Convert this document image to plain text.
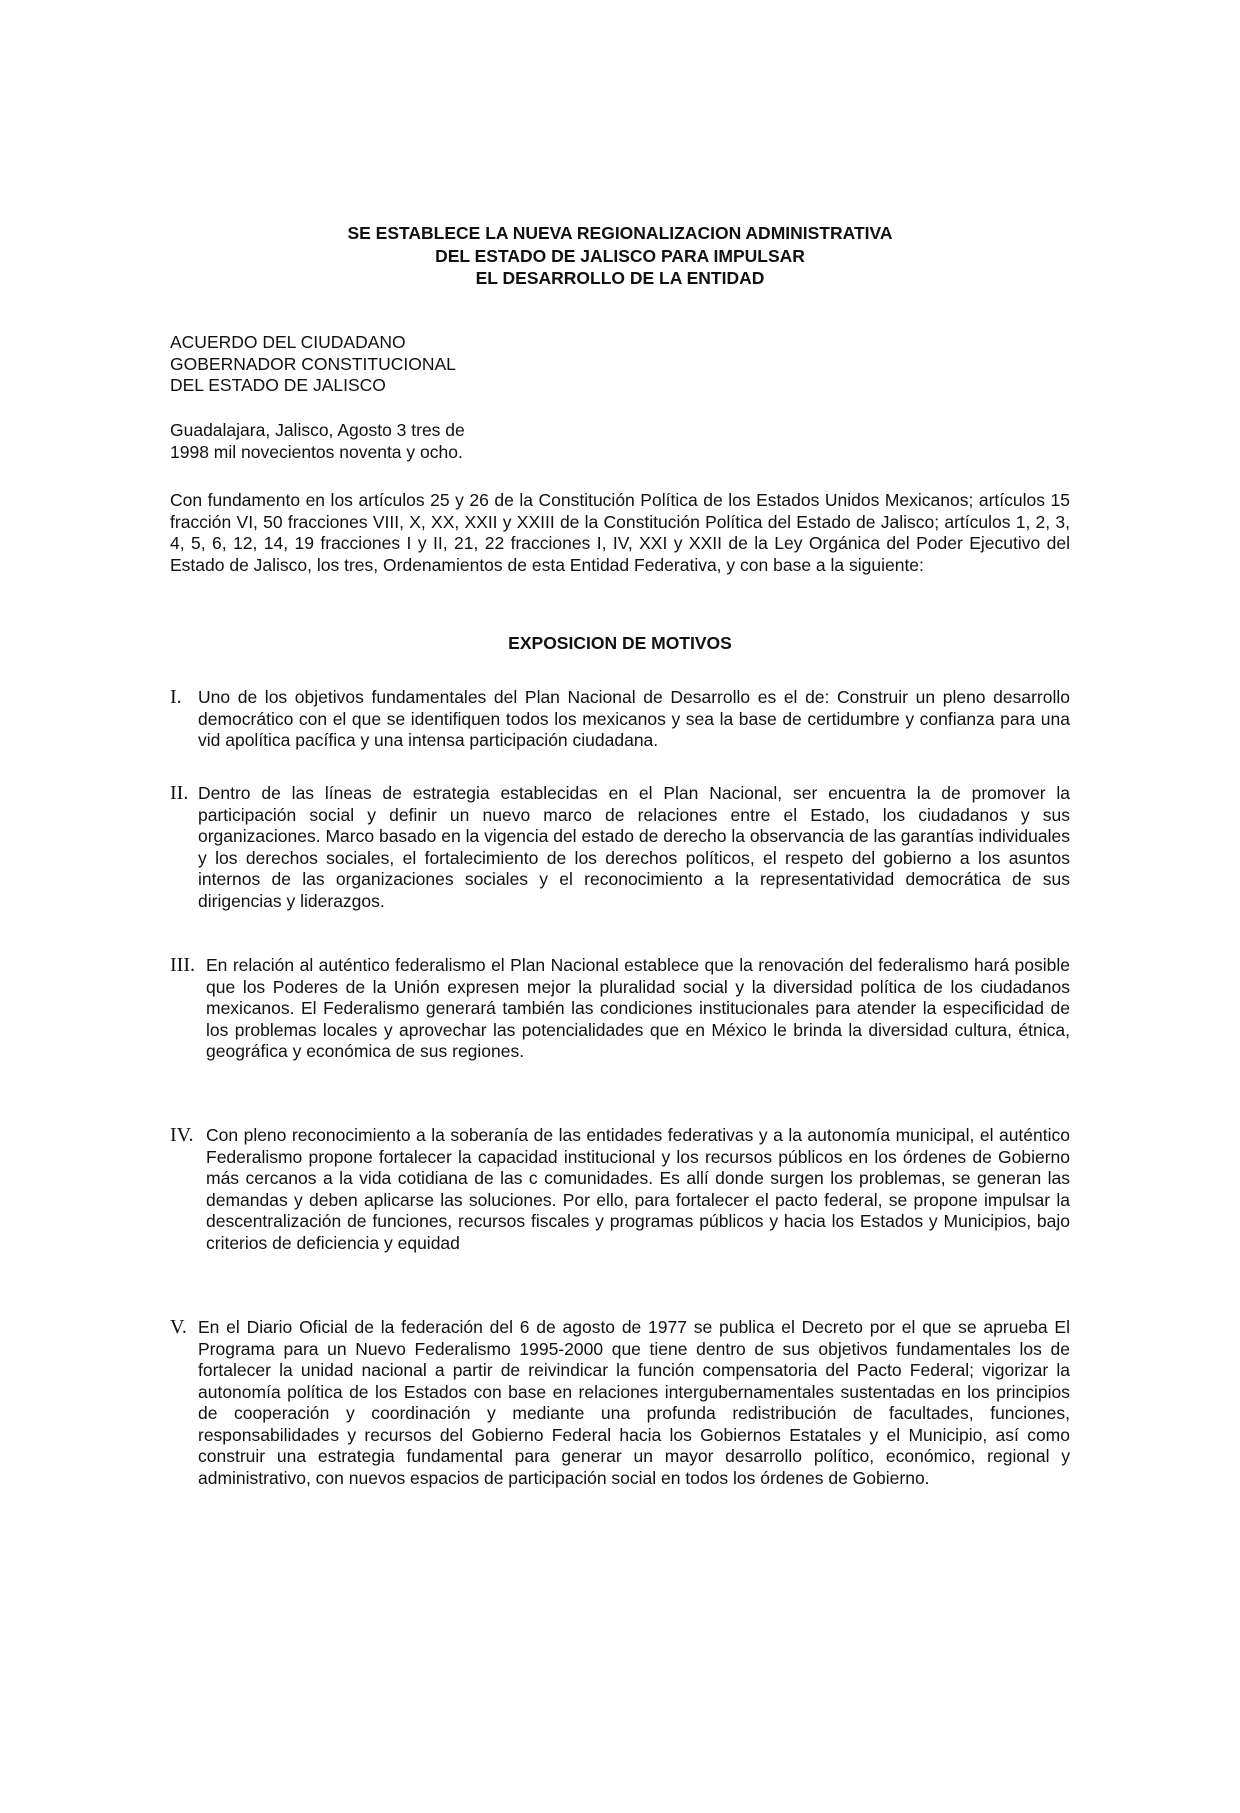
SE ESTABLECE LA NUEVA REGIONALIZACION ADMINISTRATIVA
DEL ESTADO DE JALISCO PARA IMPULSAR
EL DESARROLLO DE LA ENTIDAD
ACUERDO DEL CIUDADANO
GOBERNADOR CONSTITUCIONAL
DEL ESTADO DE JALISCO
Guadalajara, Jalisco, Agosto 3 tres de
1998 mil novecientos noventa y ocho.
Con fundamento en los artículos 25 y 26 de la Constitución Política de los Estados Unidos Mexicanos; artículos 15 fracción VI, 50 fracciones VIII, X, XX, XXII y XXIII de la Constitución Política del Estado de Jalisco; artículos 1, 2, 3, 4, 5, 6, 12, 14, 19 fracciones I y II, 21, 22 fracciones I, IV, XXI y XXII de la Ley Orgánica del Poder Ejecutivo del Estado de Jalisco, los tres, Ordenamientos de esta Entidad Federativa, y con base a la siguiente:
EXPOSICION DE MOTIVOS
I. Uno de los objetivos fundamentales del Plan Nacional de Desarrollo es el de: Construir un pleno desarrollo democrático con el que se identifiquen todos los mexicanos y sea la base de certidumbre y confianza para una vid apolítica pacífica y una intensa participación ciudadana.
II. Dentro de las líneas de estrategia establecidas en el Plan Nacional, ser encuentra la de promover la participación social y definir un nuevo marco de relaciones entre el Estado, los ciudadanos y sus organizaciones. Marco basado en la vigencia del estado de derecho la observancia de las garantías individuales y los derechos sociales, el fortalecimiento de los derechos políticos, el respeto del gobierno a los asuntos internos de las organizaciones sociales y el reconocimiento a la representatividad democrática de sus dirigencias y liderazgos.
III. En relación al auténtico federalismo el Plan Nacional establece que la renovación del federalismo hará posible que los Poderes de la Unión expresen mejor la pluralidad social y la diversidad política de los ciudadanos mexicanos. El Federalismo generará también las condiciones institucionales para atender la especificidad de los problemas locales y aprovechar las potencialidades que en México le brinda la diversidad cultura, étnica, geográfica y económica de sus regiones.
IV. Con pleno reconocimiento a la soberanía de las entidades federativas y a la autonomía municipal, el auténtico Federalismo propone fortalecer la capacidad institucional y los recursos públicos en los órdenes de Gobierno más cercanos a la vida cotidiana de las c comunidades. Es allí donde surgen los problemas, se generan las demandas y deben aplicarse las soluciones. Por ello, para fortalecer el pacto federal, se propone impulsar la descentralización de funciones, recursos fiscales y programas públicos y hacia los Estados y Municipios, bajo criterios de deficiencia y equidad
V. En el Diario Oficial de la federación del 6 de agosto de 1977 se publica el Decreto por el que se aprueba El Programa para un Nuevo Federalismo 1995-2000 que tiene dentro de sus objetivos fundamentales los de fortalecer la unidad nacional a partir de reivindicar la función compensatoria del Pacto Federal; vigorizar la autonomía política de los Estados con base en relaciones intergubernamentales sustentadas en los principios de cooperación y coordinación y mediante una profunda redistribución de facultades, funciones, responsabilidades y recursos del Gobierno Federal hacia los Gobiernos Estatales y el Municipio, así como construir una estrategia fundamental para generar un mayor desarrollo político, económico, regional y administrativo, con nuevos espacios de participación social en todos los órdenes de Gobierno.
